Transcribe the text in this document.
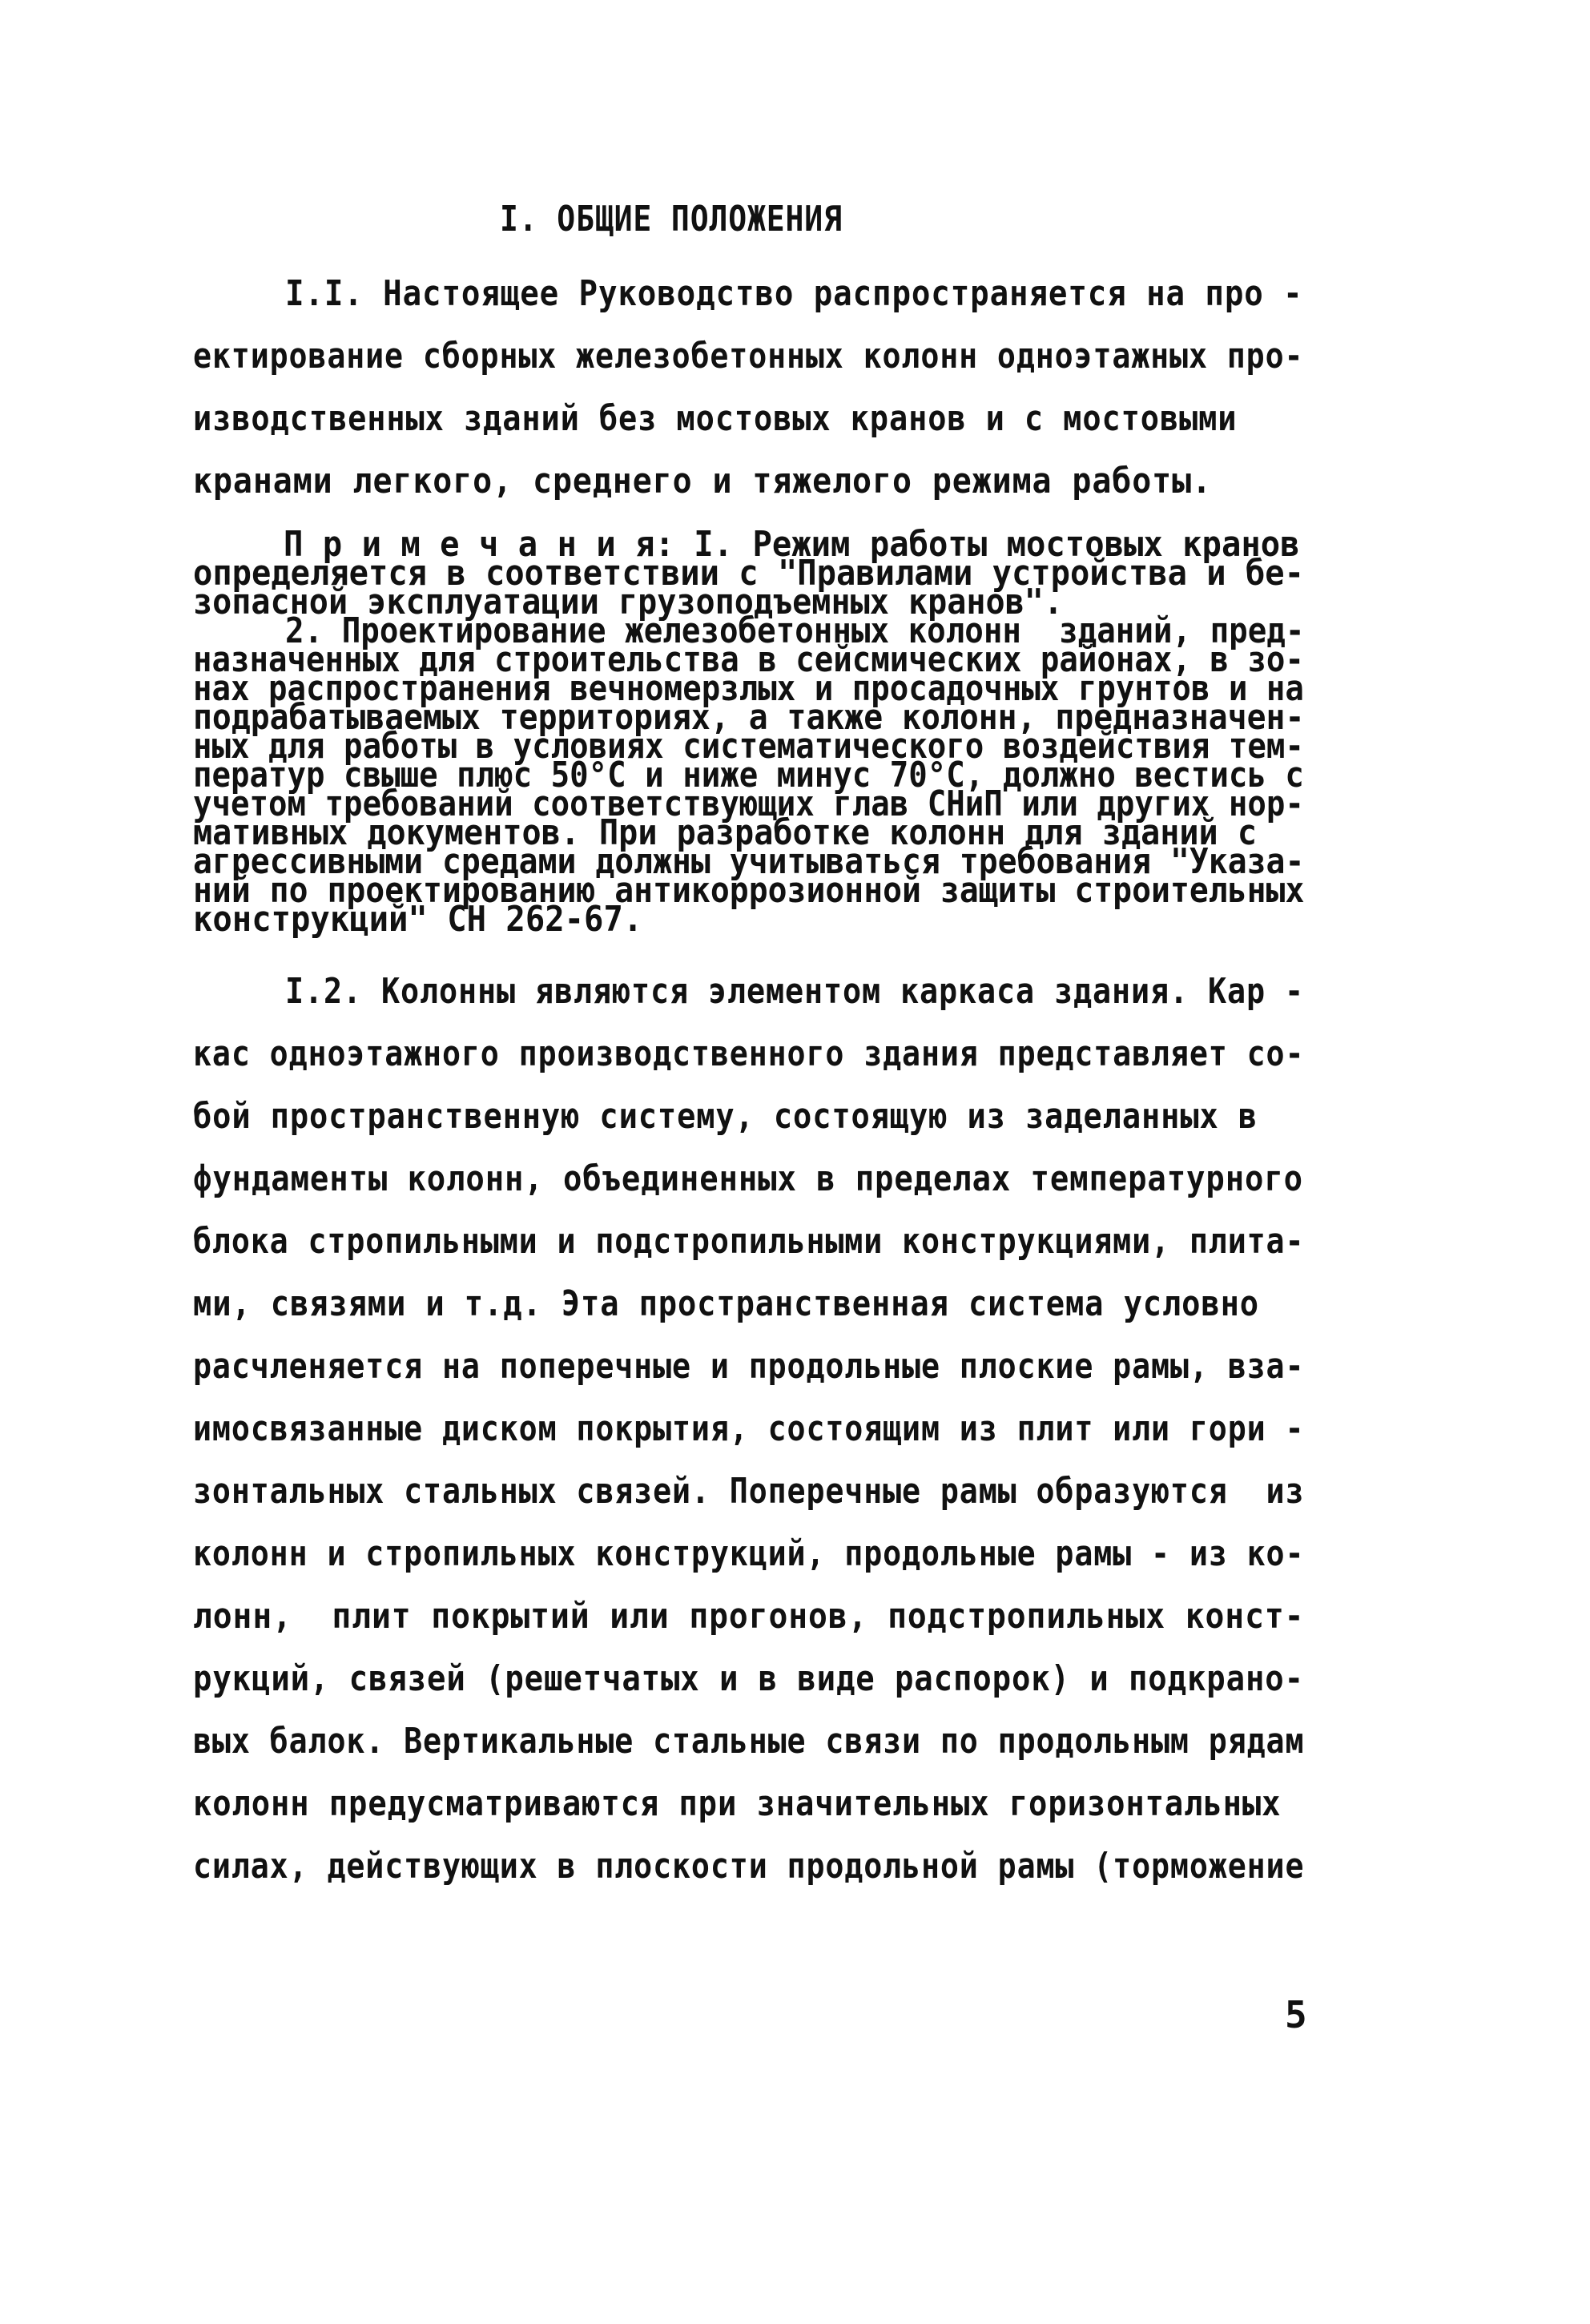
I. ОБЩИЕ ПОЛОЖЕНИЯ
I.I. Настоящее Руководство распространяется на про -
ектирование сборных железобетонных колонн одноэтажных про-
изводственных зданий без мостовых кранов и с мостовыми
кранами легкого, среднего и тяжелого режима работы.
П р и м е ч а н и я: I. Режим работы мостовых кранов
определяется в соответствии с "Правилами устройства и бе-
зопасной эксплуатации грузоподъемных кранов".
2. Проектирование железобетонных колонн  зданий, пред-
назначенных для строительства в сейсмических районах, в зо-
нах распространения вечномерзлых и просадочных грунтов и на
подрабатываемых территориях, а также колонн, предназначен-
ных для работы в условиях систематического воздействия тем-
ператур свыше плюс 50°С и ниже минус 70°С, должно вестись с
учетом требований соответствующих глав СНиП или других нор-
мативных документов. При разработке колонн для зданий с
агрессивными средами должны учитываться требования "Указа-
ний по проектированию антикоррозионной защиты строительных
конструкций" СН 262-67.
I.2. Колонны являются элементом каркаса здания. Кар -
кас одноэтажного производственного здания представляет со-
бой пространственную систему, состоящую из заделанных в
фундаменты колонн, объединенных в пределах температурного
блока стропильными и подстропильными конструкциями, плита-
ми, связями и т.д. Эта пространственная система условно
расчленяется на поперечные и продольные плоские рамы, вза-
имосвязанные диском покрытия, состоящим из плит или гори -
зонтальных стальных связей. Поперечные рамы образуются  из
колонн и стропильных конструкций, продольные рамы - из ко-
лонн,  плит покрытий или прогонов, подстропильных конст-
рукций, связей (решетчатых и в виде распорок) и подкрано-
вых балок. Вертикальные стальные связи по продольным рядам
колонн предусматриваются при значительных горизонтальных
силах, действующих в плоскости продольной рамы (торможение
5
